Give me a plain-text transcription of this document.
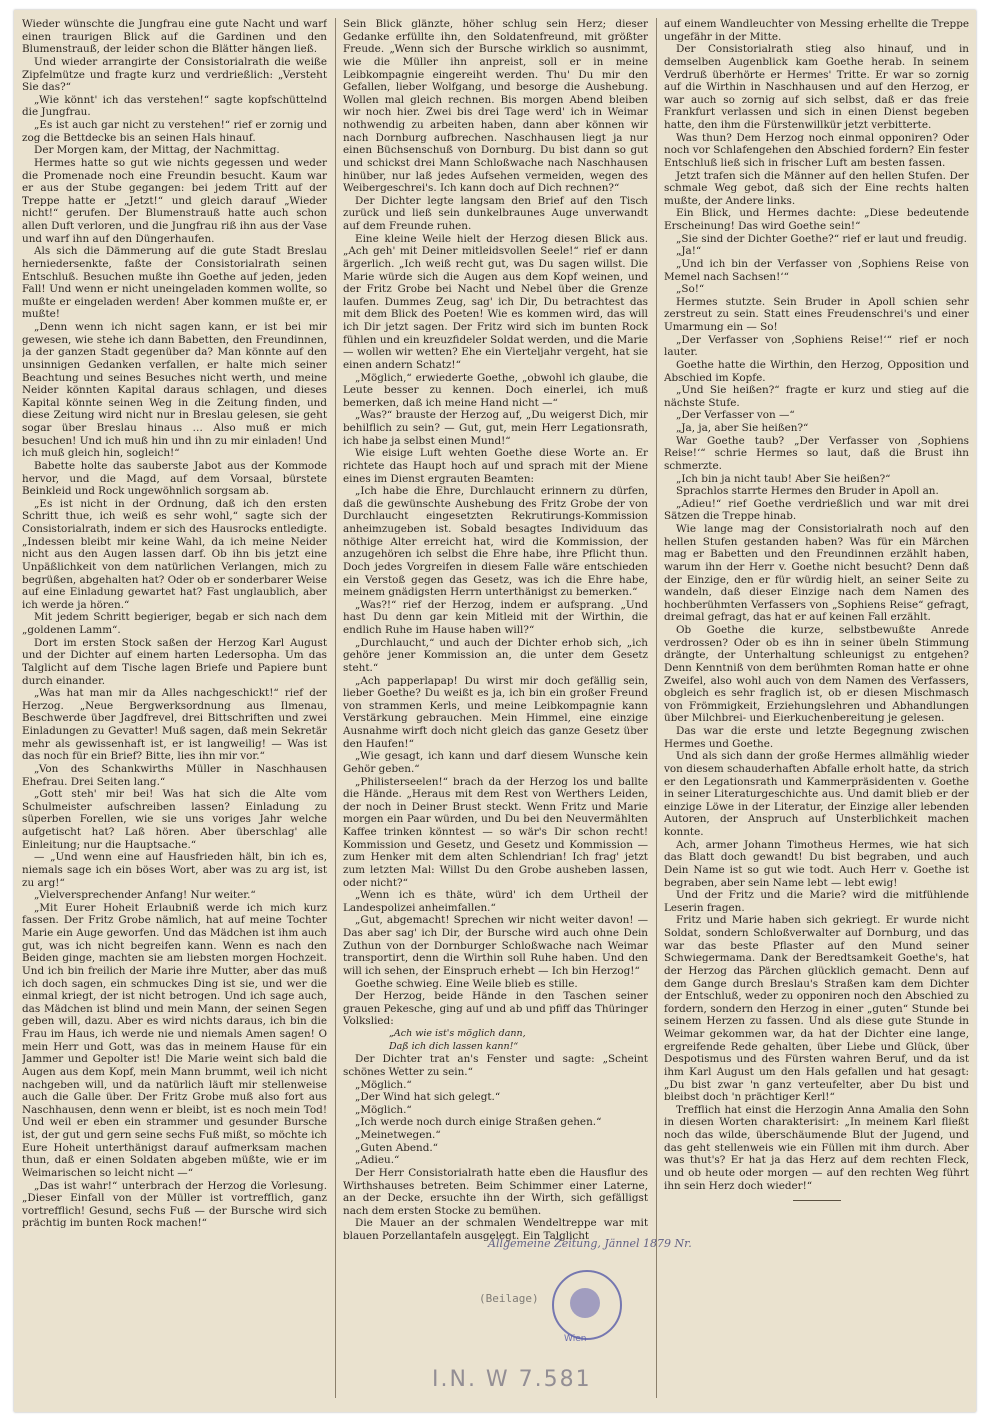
Wieder wünschte die Jungfrau eine gute Nacht und warf einen traurigen Blick auf die Gardinen und den Blumenstrauß, der leider schon die Blätter hängen ließ.

Und wieder arrangirte der Consistorialrath die weiße Zipfelmütze und fragte kurz und verdrießlich: „Versteht Sie das?“

„Wie könnt' ich das verstehen!“ sagte kopfschüttelnd die Jungfrau.

„Es ist auch gar nicht zu verstehen!“ rief er zornig und zog die Bettdecke bis an seinen Hals hinauf.

Der Morgen kam, der Mittag, der Nachmittag.

Hermes hatte so gut wie nichts gegessen und weder die Promenade noch eine Freundin besucht. Kaum war er aus der Stube gegangen: bei jedem Tritt auf der Treppe hatte er „Jetzt!“ und gleich darauf „Wieder nicht!“ gerufen. Der Blumenstrauß hatte auch schon allen Duft verloren, und die Jungfrau riß ihn aus der Vase und warf ihn auf den Düngerhaufen.

Als sich die Dämmerung auf die gute Stadt Breslau herniedersenkte, faßte der Consistorialrath seinen Entschluß. Besuchen mußte ihn Goethe auf jeden, jeden Fall! Und wenn er nicht uneingeladen kommen wollte, so mußte er eingeladen werden! Aber kommen mußte er, er mußte!

„Denn wenn ich nicht sagen kann, er ist bei mir gewesen, wie stehe ich dann Babetten, den Freundinnen, ja der ganzen Stadt gegenüber da? Man könnte auf den unsinnigen Gedanken verfallen, er halte mich seiner Beachtung und seines Besuches nicht werth, und meine Neider könnten Kapital daraus schlagen, und dieses Kapital könnte seinen Weg in die Zeitung finden, und diese Zeitung wird nicht nur in Breslau gelesen, sie geht sogar über Breslau hinaus … Also muß er mich besuchen! Und ich muß hin und ihn zu mir einladen! Und ich muß gleich hin, sogleich!“

Babette holte das sauberste Jabot aus der Kommode hervor, und die Magd, auf dem Vorsaal, bürstete Beinkleid und Rock ungewöhnlich sorgsam ab.

„Es ist nicht in der Ordnung, daß ich den ersten Schritt thue, ich weiß es sehr wohl,“ sagte sich der Consistorialrath, indem er sich des Hausrocks entledigte. „Indessen bleibt mir keine Wahl, da ich meine Neider nicht aus den Augen lassen darf. Ob ihn bis jetzt eine Unpäßlichkeit von dem natürlichen Verlangen, mich zu begrüßen, abgehalten hat? Oder ob er sonderbarer Weise auf eine Einladung gewartet hat? Fast unglaublich, aber ich werde ja hören.“

Mit jedem Schritt begieriger, begab er sich nach dem „goldenen Lamm“.

Dort im ersten Stock saßen der Herzog Karl August und der Dichter auf einem harten Ledersopha. Um das Talglicht auf dem Tische lagen Briefe und Papiere bunt durch einander.

„Was hat man mir da Alles nachgeschickt!“ rief der Herzog. „Neue Bergwerksordnung aus Ilmenau, Beschwerde über Jagdfrevel, drei Bittschriften und zwei Einladungen zu Gevatter! Muß sagen, daß mein Sekretär mehr als gewissenhaft ist, er ist langweilig! — Was ist das noch für ein Brief? Bitte, lies ihn mir vor.“

„Von des Schankwirths Müller in Naschhausen Ehefrau. Drei Seiten lang.“

„Gott steh' mir bei! Was hat sich die Alte vom Schulmeister aufschreiben lassen? Einladung zu süperben Forellen, wie sie uns voriges Jahr welche aufgetischt hat? Laß hören. Aber überschlag' alle Einleitung; nur die Hauptsache.“

— „Und wenn eine auf Hausfrieden hält, bin ich es, niemals sage ich ein böses Wort, aber was zu arg ist, ist zu arg!“

„Vielversprechender Anfang! Nur weiter.“

„Mit Eurer Hoheit Erlaubniß werde ich mich kurz fassen. Der Fritz Grobe nämlich, hat auf meine Tochter Marie ein Auge geworfen. Und das Mädchen ist ihm auch gut, was ich nicht begreifen kann. Wenn es nach den Beiden ginge, machten sie am liebsten morgen Hochzeit. Und ich bin freilich der Marie ihre Mutter, aber das muß ich doch sagen, ein schmuckes Ding ist sie, und wer die einmal kriegt, der ist nicht betrogen. Und ich sage auch, das Mädchen ist blind und mein Mann, der seinen Segen geben will, dazu. Aber es wird nichts daraus, ich bin die Frau im Haus, ich werde nie und niemals Amen sagen! O mein Herr und Gott, was das in meinem Hause für ein Jammer und Gepolter ist! Die Marie weint sich bald die Augen aus dem Kopf, mein Mann brummt, weil ich nicht nachgeben will, und da natürlich läuft mir stellenweise auch die Galle über. Der Fritz Grobe muß also fort aus Naschhausen, denn wenn er bleibt, ist es noch mein Tod! Und weil er eben ein strammer und gesunder Bursche ist, der gut und gern seine sechs Fuß mißt, so möchte ich Eure Hoheit unterthänigst darauf aufmerksam machen thun, daß er einen Soldaten abgeben müßte, wie er im Weimarischen so leicht nicht —“

„Das ist wahr!“ unterbrach der Herzog die Vorlesung. „Dieser Einfall von der Müller ist vortrefflich, ganz vortrefflich! Gesund, sechs Fuß — der Bursche wird sich prächtig im bunten Rock machen!“

Sein Blick glänzte, höher schlug sein Herz; dieser Gedanke erfüllte ihn, den Soldatenfreund, mit größter Freude. „Wenn sich der Bursche wirklich so ausnimmt, wie die Müller ihn anpreist, soll er in meine Leibkompagnie eingereiht werden. Thu' Du mir den Gefallen, lieber Wolfgang, und besorge die Aushebung. Wollen mal gleich rechnen. Bis morgen Abend bleiben wir noch hier. Zwei bis drei Tage werd' ich in Weimar nothwendig zu arbeiten haben, dann aber können wir nach Dornburg aufbrechen. Naschhausen liegt ja nur einen Büchsenschuß von Dornburg. Du bist dann so gut und schickst drei Mann Schloßwache nach Naschhausen hinüber, nur laß jedes Aufsehen vermeiden, wegen des Weibergeschrei's. Ich kann doch auf Dich rechnen?“

Der Dichter legte langsam den Brief auf den Tisch zurück und ließ sein dunkelbraunes Auge unverwandt auf dem Freunde ruhen.

Eine kleine Weile hielt der Herzog diesen Blick aus. „Ach geh' mit Deiner mitleidsvollen Seele!“ rief er dann ärgerlich. „Ich weiß recht gut, was Du sagen willst. Die Marie würde sich die Augen aus dem Kopf weinen, und der Fritz Grobe bei Nacht und Nebel über die Grenze laufen. Dummes Zeug, sag' ich Dir, Du betrachtest das mit dem Blick des Poeten! Wie es kommen wird, das will ich Dir jetzt sagen. Der Fritz wird sich im bunten Rock fühlen und ein kreuzfideler Soldat werden, und die Marie — wollen wir wetten? Ehe ein Vierteljahr vergeht, hat sie einen andern Schatz!“

„Möglich,“ erwiederte Goethe, „obwohl ich glaube, die Leute besser zu kennen. Doch einerlei, ich muß bemerken, daß ich meine Hand nicht —“

„Was?“ brauste der Herzog auf, „Du weigerst Dich, mir behilflich zu sein? — Gut, gut, mein Herr Legationsrath, ich habe ja selbst einen Mund!“

Wie eisige Luft wehten Goethe diese Worte an. Er richtete das Haupt hoch auf und sprach mit der Miene eines im Dienst ergrauten Beamten:

„Ich habe die Ehre, Durchlaucht erinnern zu dürfen, daß die gewünschte Aushebung des Fritz Grobe der von Durchlaucht eingesetzten Rekrutirungs-Kommission anheimzugeben ist. Sobald besagtes Individuum das nöthige Alter erreicht hat, wird die Kommission, der anzugehören ich selbst die Ehre habe, ihre Pflicht thun. Doch jedes Vorgreifen in diesem Falle wäre entschieden ein Verstoß gegen das Gesetz, was ich die Ehre habe, meinem gnädigsten Herrn unterthänigst zu bemerken.“

„Was?!“ rief der Herzog, indem er aufsprang. „Und hast Du denn gar kein Mitleid mit der Wirthin, die endlich Ruhe im Hause haben will?“

„Durchlaucht,“ und auch der Dichter erhob sich, „ich gehöre jener Kommission an, die unter dem Gesetz steht.“

„Ach papperlapap! Du wirst mir doch gefällig sein, lieber Goethe? Du weißt es ja, ich bin ein großer Freund von strammen Kerls, und meine Leibkompagnie kann Verstärkung gebrauchen. Mein Himmel, eine einzige Ausnahme wirft doch nicht gleich das ganze Gesetz über den Haufen!“

„Wie gesagt, ich kann und darf diesem Wunsche kein Gehör geben.“

„Philisterseelen!“ brach da der Herzog los und ballte die Hände. „Heraus mit dem Rest von Werthers Leiden, der noch in Deiner Brust steckt. Wenn Fritz und Marie morgen ein Paar würden, und Du bei den Neuvermählten Kaffee trinken könntest — so wär's Dir schon recht! Kommission und Gesetz, und Gesetz und Kommission — zum Henker mit dem alten Schlendrian! Ich frag' jetzt zum letzten Mal: Willst Du den Grobe ausheben lassen, oder nicht?“

„Wenn ich es thäte, würd' ich dem Urtheil der Landespolizei anheimfallen.“

„Gut, abgemacht! Sprechen wir nicht weiter davon! — Das aber sag' ich Dir, der Bursche wird auch ohne Dein Zuthun von der Dornburger Schloßwache nach Weimar transportirt, denn die Wirthin soll Ruhe haben. Und den will ich sehen, der Einspruch erhebt — Ich bin Herzog!“

Goethe schwieg. Eine Weile blieb es stille.

Der Herzog, beide Hände in den Taschen seiner grauen Pekesche, ging auf und ab und pfiff das Thüringer Volkslied:

„Ach wie ist's möglich dann,
Daß ich dich lassen kann!“

Der Dichter trat an's Fenster und sagte: „Scheint schönes Wetter zu sein.“

„Möglich.“

„Der Wind hat sich gelegt.“

„Möglich.“

„Ich werde noch durch einige Straßen gehen.“

„Meinetwegen.“

„Guten Abend.“

„Adieu.“

Der Herr Consistorialrath hatte eben die Hausflur des Wirthshauses betreten. Beim Schimmer einer Laterne, an der Decke, ersuchte ihn der Wirth, sich gefälligst nach dem ersten Stocke zu bemühen.

Die Mauer an der schmalen Wendeltreppe war mit blauen Porzellantafeln ausgelegt. Ein Talglicht

auf einem Wandleuchter von Messing erhellte die Treppe ungefähr in der Mitte.

Der Consistorialrath stieg also hinauf, und in demselben Augenblick kam Goethe herab. In seinem Verdruß überhörte er Hermes' Tritte. Er war so zornig auf die Wirthin in Naschhausen und auf den Herzog, er war auch so zornig auf sich selbst, daß er das freie Frankfurt verlassen und sich in einen Dienst begeben hatte, den ihm die Fürstenwillkür jetzt verbitterte.

Was thun? Dem Herzog noch einmal opponiren? Oder noch vor Schlafengehen den Abschied fordern? Ein fester Entschluß ließ sich in frischer Luft am besten fassen.

Jetzt trafen sich die Männer auf den hellen Stufen. Der schmale Weg gebot, daß sich der Eine rechts halten mußte, der Andere links.

Ein Blick, und Hermes dachte: „Diese bedeutende Erscheinung! Das wird Goethe sein!“

„Sie sind der Dichter Goethe?“ rief er laut und freudig.

„Ja!“

„Und ich bin der Verfasser von ‚Sophiens Reise von Memel nach Sachsen!‘“

„So!“

Hermes stutzte. Sein Bruder in Apoll schien sehr zerstreut zu sein. Statt eines Freudenschrei's und einer Umarmung ein — So!

„Der Verfasser von ‚Sophiens Reise!‘“ rief er noch lauter.

Goethe hatte die Wirthin, den Herzog, Opposition und Abschied im Kopfe.

„Und Sie heißen?“ fragte er kurz und stieg auf die nächste Stufe.

„Der Verfasser von —“

„Ja, ja, aber Sie heißen?“

War Goethe taub? „Der Verfasser von ‚Sophiens Reise!‘“ schrie Hermes so laut, daß die Brust ihn schmerzte.

„Ich bin ja nicht taub! Aber Sie heißen?“

Sprachlos starrte Hermes den Bruder in Apoll an.

„Adieu!“ rief Goethe verdrießlich und war mit drei Sätzen die Treppe hinab.

Wie lange mag der Consistorialrath noch auf den hellen Stufen gestanden haben? Was für ein Märchen mag er Babetten und den Freundinnen erzählt haben, warum ihn der Herr v. Goethe nicht besucht? Denn daß der Einzige, den er für würdig hielt, an seiner Seite zu wandeln, daß dieser Einzige nach dem Namen des hochberühmten Verfassers von „Sophiens Reise“ gefragt, dreimal gefragt, das hat er auf keinen Fall erzählt.

Ob Goethe die kurze, selbstbewußte Anrede verdrossen? Oder ob es ihn in seiner übeln Stimmung drängte, der Unterhaltung schleunigst zu entgehen? Denn Kenntniß von dem berühmten Roman hatte er ohne Zweifel, also wohl auch von dem Namen des Verfassers, obgleich es sehr fraglich ist, ob er diesen Mischmasch von Frömmigkeit, Erziehungslehren und Abhandlungen über Milchbrei- und Eierkuchenbereitung je gelesen.

Das war die erste und letzte Begegnung zwischen Hermes und Goethe.

Und als sich dann der große Hermes allmählig wieder von diesem schauderhaften Abfalle erholt hatte, da strich er den Legationsrath und Kammerpräsidenten v. Goethe in seiner Literaturgeschichte aus. Und damit blieb er der einzige Löwe in der Literatur, der Einzige aller lebenden Autoren, der Anspruch auf Unsterblichkeit machen konnte.

Ach, armer Johann Timotheus Hermes, wie hat sich das Blatt doch gewandt! Du bist begraben, und auch Dein Name ist so gut wie todt. Auch Herr v. Goethe ist begraben, aber sein Name lebt — lebt ewig!

Und der Fritz und die Marie? wird die mitfühlende Leserin fragen.

Fritz und Marie haben sich gekriegt. Er wurde nicht Soldat, sondern Schloßverwalter auf Dornburg, und das war das beste Pflaster auf den Mund seiner Schwiegermama. Dank der Beredtsamkeit Goethe's, hat der Herzog das Pärchen glücklich gemacht. Denn auf dem Gange durch Breslau's Straßen kam dem Dichter der Entschluß, weder zu opponiren noch den Abschied zu fordern, sondern den Herzog in einer „guten“ Stunde bei seinem Herzen zu fassen. Und als diese gute Stunde in Weimar gekommen war, da hat der Dichter eine lange, ergreifende Rede gehalten, über Liebe und Glück, über Despotismus und des Fürsten wahren Beruf, und da ist ihm Karl August um den Hals gefallen und hat gesagt: „Du bist zwar 'n ganz verteufelter, aber Du bist und bleibst doch 'n prächtiger Kerl!“

Trefflich hat einst die Herzogin Anna Amalia den Sohn in diesen Worten charakterisirt: „In meinem Karl fließt noch das wilde, überschäumende Blut der Jugend, und das geht stellenweis wie ein Füllen mit ihm durch. Aber was thut's? Er hat ja das Herz auf dem rechten Fleck, und ob heute oder morgen — auf den rechten Weg führt ihn sein Herz doch wieder!“

Allgemeine Zeitung, Jännel 1879 Nr.
(Beilage)
Wien
I.N. W 7.581
